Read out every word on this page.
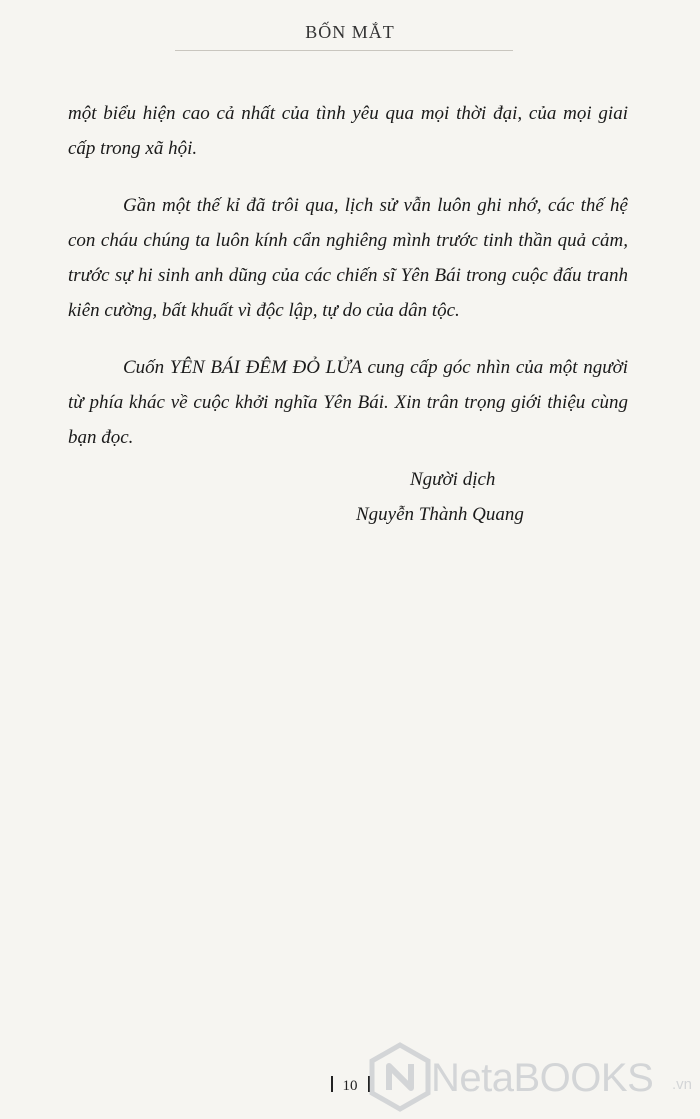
BỐN MẮT

một biểu hiện cao cả nhất của tình yêu qua mọi thời đại, của mọi giai cấp trong xã hội.

Gần một thế kỉ đã trôi qua, lịch sử vẫn luôn ghi nhớ, các thế hệ con cháu chúng ta luôn kính cẩn nghiêng mình trước tinh thần quả cảm, trước sự hi sinh anh dũng của các chiến sĩ Yên Bái trong cuộc đấu tranh kiên cường, bất khuất vì độc lập, tự do của dân tộc.

Cuốn YÊN BÁI ĐÊM ĐỎ LỬA cung cấp góc nhìn của một người từ phía khác về cuộc khởi nghĩa Yên Bái. Xin trân trọng giới thiệu cùng bạn đọc.

Người dịch
Nguyễn Thành Quang
10	NetaBOOKS .vn
